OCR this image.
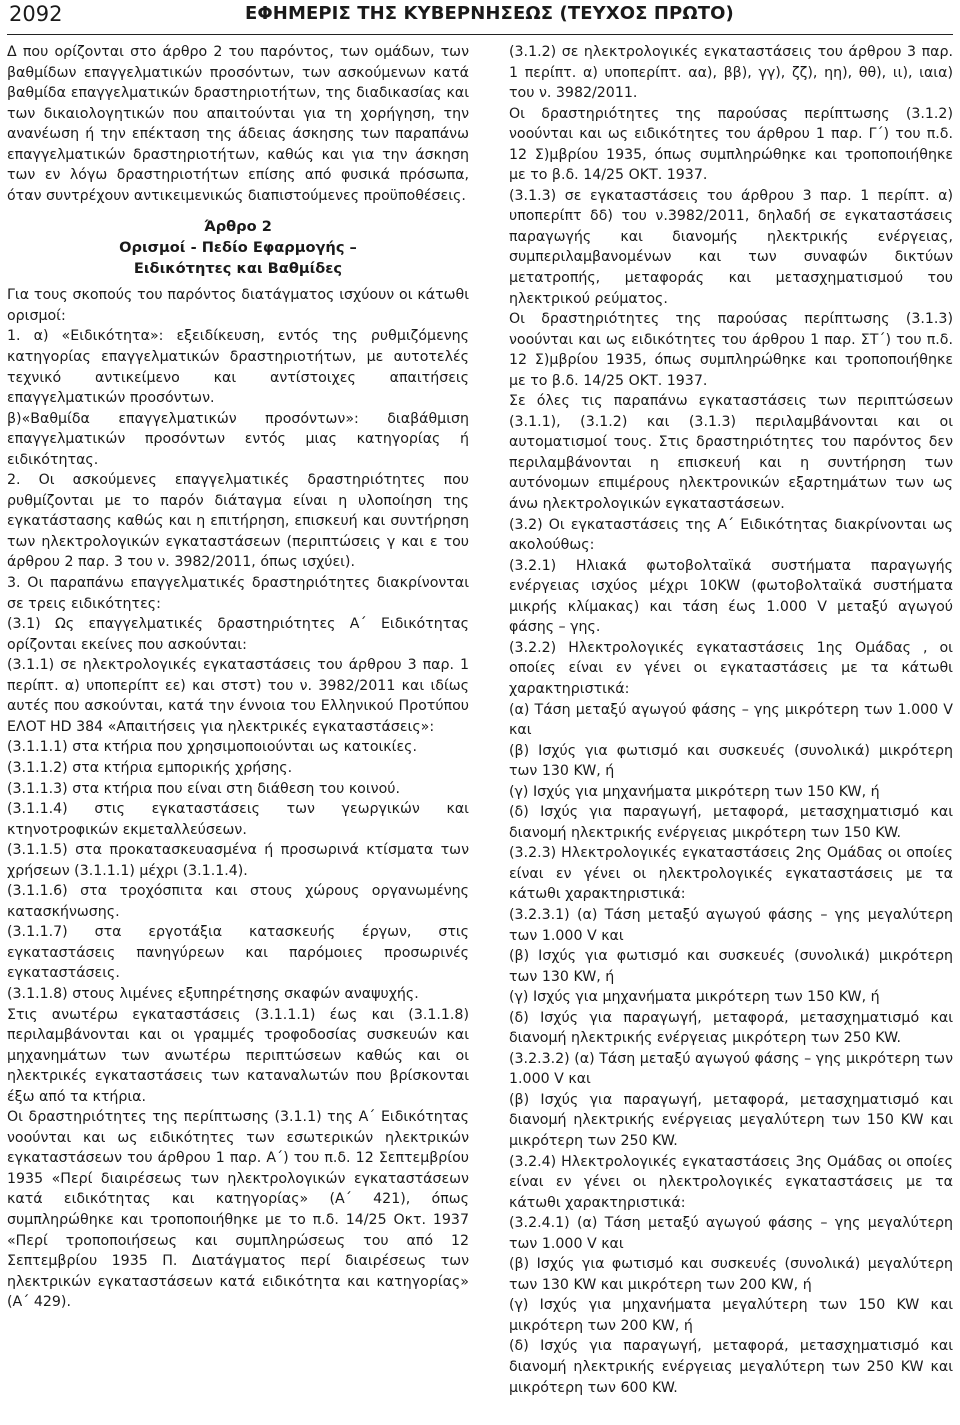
2092	ΕΦΗΜΕΡΙΣ ΤΗΣ ΚΥΒΕΡΝΗΣΕΩΣ (ΤΕΥΧΟΣ ΠΡΩΤΟ)

Δ που ορίζονται στο άρθρο 2 του παρόντος, των ομάδων, των βαθμίδων επαγγελματικών προσόντων, των ασκούμενων κατά βαθμίδα επαγγελματικών δραστηριοτήτων, της διαδικασίας και των δικαιολογητικών που απαιτούνται για τη χορήγηση, την ανανέωση ή την επέκταση της άδειας άσκησης των παραπάνω επαγγελματικών δραστηριοτήτων, καθώς και για την άσκηση των εν λόγω δραστηριοτήτων επίσης από φυσικά πρόσωπα, όταν συντρέχουν αντικειμενικώς διαπιστούμενες προϋποθέσεις.

Άρθρο 2
Ορισμοί - Πεδίο Εφαρμογής –
Ειδικότητες και Βαθμίδες

Για τους σκοπούς του παρόντος διατάγματος ισχύουν οι κάτωθι ορισμοί:

1. α) «Ειδικότητα»: εξειδίκευση, εντός της ρυθμιζόμενης κατηγορίας επαγγελματικών δραστηριοτήτων, με αυτοτελές τεχνικό αντικείμενο και αντίστοιχες απαιτήσεις επαγγελματικών προσόντων.

β)«Βαθμίδα επαγγελματικών προσόντων»: διαβάθμιση επαγγελματικών προσόντων εντός μιας κατηγορίας ή ειδικότητας.

2. Οι ασκούμενες επαγγελματικές δραστηριότητες που ρυθμίζονται με το παρόν διάταγμα είναι η υλοποίηση της εγκατάστασης καθώς και η επιτήρηση, επισκευή και συντήρηση των ηλεκτρολογικών εγκαταστάσεων (περιπτώσεις γ και ε του άρθρου 2 παρ. 3 του ν. 3982/2011, όπως ισχύει).

3. Οι παραπάνω επαγγελματικές δραστηριότητες διακρίνονται σε τρεις ειδικότητες:

(3.1) Ως επαγγελματικές δραστηριότητες Α΄ Ειδικότητας ορίζονται εκείνες που ασκούνται:

(3.1.1) σε ηλεκτρολογικές εγκαταστάσεις του άρθρου 3 παρ. 1 περίπτ. α) υποπερίπτ εε) και στστ) του ν. 3982/2011 και ιδίως αυτές που ασκούνται, κατά την έννοια του Ελληνικού Προτύπου ΕΛΟΤ HD 384 «Απαιτήσεις για ηλεκτρικές εγκαταστάσεις»:

(3.1.1.1) στα κτήρια που χρησιμοποιούνται ως κατοικίες.

(3.1.1.2) στα κτήρια εμπορικής χρήσης.

(3.1.1.3) στα κτήρια που είναι στη διάθεση του κοινού.

(3.1.1.4) στις εγκαταστάσεις των γεωργικών και κτηνοτροφικών εκμεταλλεύσεων.

(3.1.1.5) στα προκατασκευασμένα ή προσωρινά κτίσματα των χρήσεων (3.1.1.1) μέχρι (3.1.1.4).

(3.1.1.6) στα τροχόσπιτα και στους χώρους οργανωμένης κατασκήνωσης.

(3.1.1.7) στα εργοτάξια κατασκευής έργων, στις εγκαταστάσεις πανηγύρεων και παρόμοιες προσωρινές εγκαταστάσεις.

(3.1.1.8) στους λιμένες εξυπηρέτησης σκαφών αναψυχής.

Στις ανωτέρω εγκαταστάσεις (3.1.1.1) έως και (3.1.1.8) περιλαμβάνονται και οι γραμμές τροφοδοσίας συσκευών και μηχανημάτων των ανωτέρω περιπτώσεων καθώς και οι ηλεκτρικές εγκαταστάσεις των καταναλωτών που βρίσκονται έξω από τα κτήρια.

Οι δραστηριότητες της περίπτωσης (3.1.1) της Α΄ Ειδικότητας νοούνται και ως ειδικότητες των εσωτερικών ηλεκτρικών εγκαταστάσεων του άρθρου 1 παρ. Α΄) του π.δ. 12 Σεπτεμβρίου 1935 «Περί διαιρέσεως των ηλεκτρολογικών εγκαταστάσεων κατά ειδικότητας και κατηγορίας» (Α΄ 421), όπως συμπληρώθηκε και τροποποιήθηκε με το π.δ. 14/25 Οκτ. 1937 «Περί τροποποιήσεως και συμπληρώσεως του από 12 Σεπτεμβρίου 1935 Π. Διατάγματος περί διαιρέσεως των ηλεκτρικών εγκαταστάσεων κατά ειδικότητα και κατηγορίας» (Α΄ 429).

(3.1.2) σε ηλεκτρολογικές εγκαταστάσεις του άρθρου 3 παρ. 1 περίπτ. α) υποπερίπτ. αα), ββ), γγ), ζζ), ηη), θθ), ιι), ιαια) του ν. 3982/2011.

Οι δραστηριότητες της παρούσας περίπτωσης (3.1.2) νοούνται και ως ειδικότητες του άρθρου 1 παρ. Γ΄) του π.δ. 12 Σ)μβρίου 1935, όπως συμπληρώθηκε και τροποποιήθηκε με το β.δ. 14/25 ΟΚΤ. 1937.

(3.1.3) σε εγκαταστάσεις του άρθρου 3 παρ. 1 περίπτ. α) υποπερίπτ δδ) του ν.3982/2011, δηλαδή σε εγκαταστάσεις παραγωγής και διανομής ηλεκτρικής ενέργειας, συμπεριλαμβανομένων και των συναφών δικτύων μετατροπής, μεταφοράς και μετασχηματισμού του ηλεκτρικού ρεύματος.

Οι δραστηριότητες της παρούσας περίπτωσης (3.1.3) νοούνται και ως ειδικότητες του άρθρου 1 παρ. ΣΤ΄) του π.δ. 12 Σ)μβρίου 1935, όπως συμπληρώθηκε και τροποποιήθηκε με το β.δ. 14/25 ΟΚΤ. 1937.

Σε όλες τις παραπάνω εγκαταστάσεις των περιπτώσεων (3.1.1), (3.1.2) και (3.1.3) περιλαμβάνονται και οι αυτοματισμοί τους. Στις δραστηριότητες του παρόντος δεν περιλαμβάνονται η επισκευή και η συντήρηση των αυτόνομων επιμέρους ηλεκτρονικών εξαρτημάτων των ως άνω ηλεκτρολογικών εγκαταστάσεων.

(3.2) Οι εγκαταστάσεις της Α΄ Ειδικότητας διακρίνονται ως ακολούθως:

(3.2.1) Ηλιακά φωτοβολταϊκά συστήματα παραγωγής ενέργειας ισχύος μέχρι 10KW (φωτοβολταϊκά συστήματα μικρής κλίμακας) και τάση έως 1.000 V μεταξύ αγωγού φάσης – γης.

(3.2.2) Ηλεκτρολογικές εγκαταστάσεις 1ης Ομάδας , οι οποίες είναι εν γένει οι εγκαταστάσεις με τα κάτωθι χαρακτηριστικά:

(α) Τάση μεταξύ αγωγού φάσης – γης μικρότερη των 1.000 V και

(β) Ισχύς για φωτισμό και συσκευές (συνολικά) μικρότερη των 130 KW, ή

(γ) Ισχύς για μηχανήματα μικρότερη των 150 KW, ή

(δ) Ισχύς για παραγωγή, μεταφορά, μετασχηματισμό και διανομή ηλεκτρικής ενέργειας μικρότερη των 150 KW.

(3.2.3) Ηλεκτρολογικές εγκαταστάσεις 2ης Ομάδας οι οποίες είναι εν γένει οι ηλεκτρολογικές εγκαταστάσεις με τα κάτωθι χαρακτηριστικά:

(3.2.3.1) (α) Τάση μεταξύ αγωγού φάσης – γης μεγαλύτερη των 1.000 V και

(β) Ισχύς για φωτισμό και συσκευές (συνολικά) μικρότερη των 130 KW, ή

(γ) Ισχύς για μηχανήματα μικρότερη των 150 KW, ή

(δ) Ισχύς για παραγωγή, μεταφορά, μετασχηματισμό και διανομή ηλεκτρικής ενέργειας μικρότερη των 250 KW.

(3.2.3.2) (α) Τάση μεταξύ αγωγού φάσης – γης μικρότερη των 1.000 V και

(β) Ισχύς για παραγωγή, μεταφορά, μετασχηματισμό και διανομή ηλεκτρικής ενέργειας μεγαλύτερη των 150 KW και μικρότερη των 250 KW.

(3.2.4) Ηλεκτρολογικές εγκαταστάσεις 3ης Ομάδας οι οποίες είναι εν γένει οι ηλεκτρολογικές εγκαταστάσεις με τα κάτωθι χαρακτηριστικά:

(3.2.4.1) (α) Τάση μεταξύ αγωγού φάσης – γης μεγαλύτερη των 1.000 V και

(β) Ισχύς για φωτισμό και συσκευές (συνολικά) μεγαλύτερη των 130 KW και μικρότερη των 200 KW, ή

(γ) Ισχύς για μηχανήματα μεγαλύτερη των 150 KW και μικρότερη των 200 KW, ή

(δ) Ισχύς για παραγωγή, μεταφορά, μετασχηματισμό και διανομή ηλεκτρικής ενέργειας μεγαλύτερη των 250 KW και μικρότερη των 600 KW.
